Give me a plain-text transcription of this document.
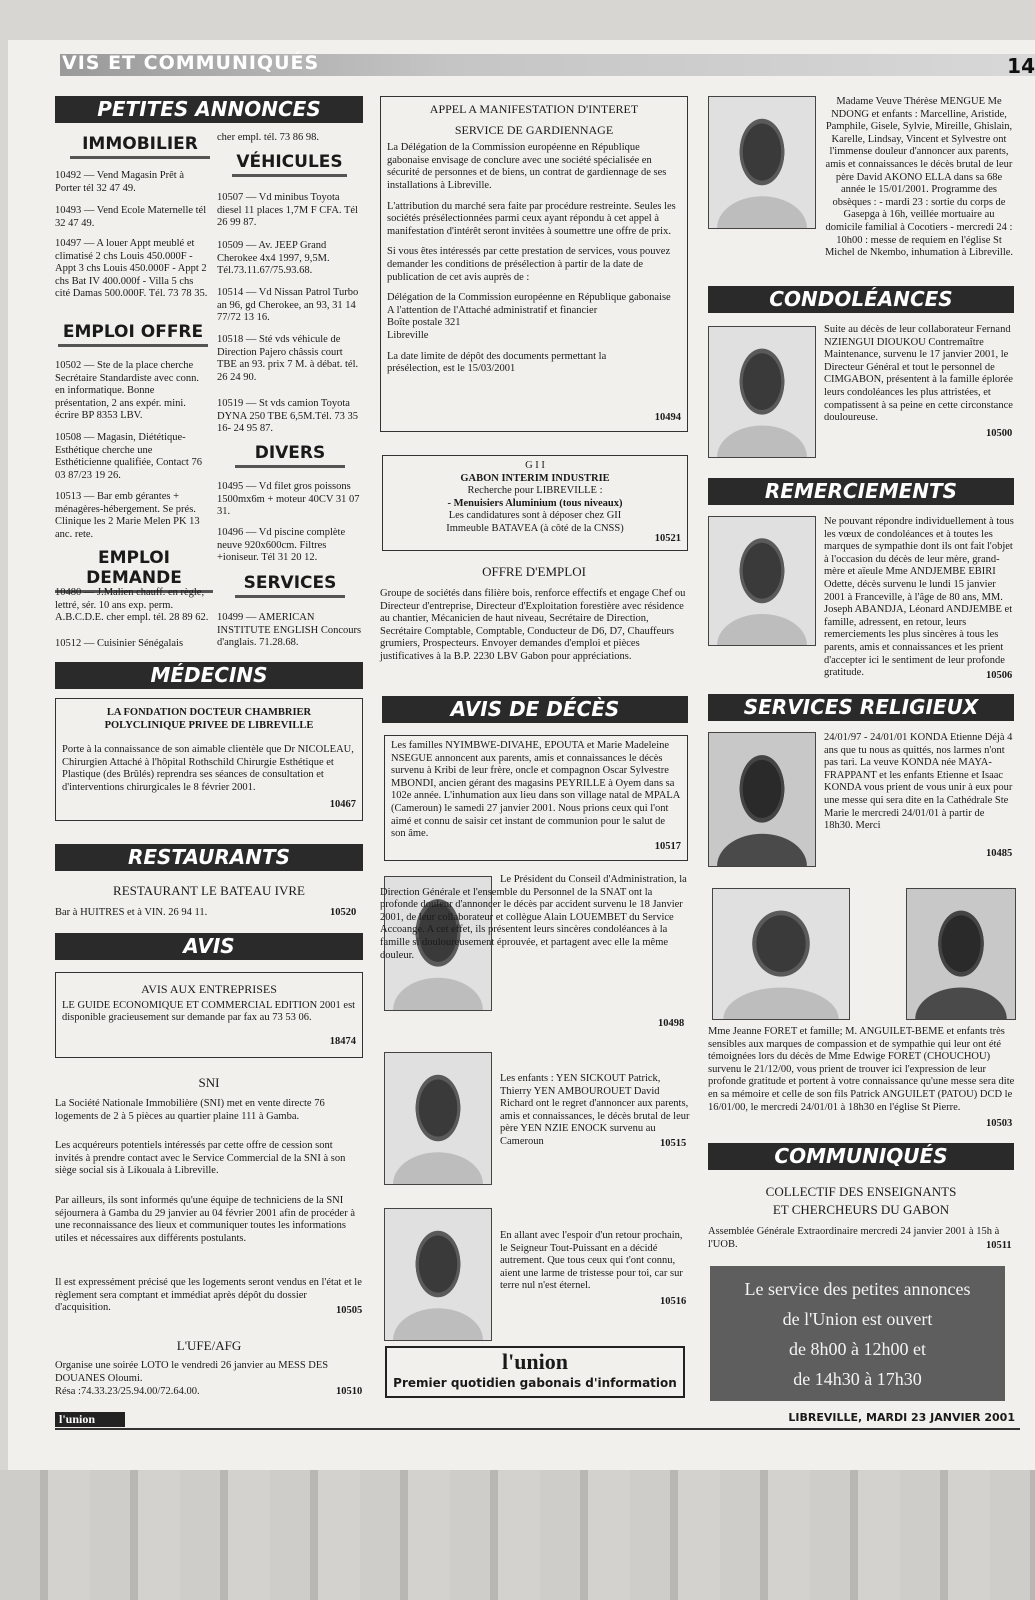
VIS ET COMMUNIQUÉS	14
PETITES ANNONCES
IMMOBILIER
10492 — Vend Magasin Prêt à Porter tél 32 47 49.
10493 — Vend Ecole Maternelle tél 32 47 49.
10497 — A louer Appt meublé et climatisé 2 chs Louis 450.000F - Appt 3 chs Louis 450.000F - Appt 2 chs Bat IV 400.000f - Villa 5 chs cité Damas 500.000F. Tél. 73 78 35.
EMPLOI OFFRE
10502 — Ste de la place cherche Secrétaire Standardiste avec conn. en informatique. Bonne présentation, 2 ans expér. mini. écrire BP 8353 LBV.
10508 — Magasin, Diététique-Esthétique cherche une Esthéticienne qualifiée, Contact 76 03 87/23 19 26.
10513 — Bar emb gérantes + ménagères-hébergement. Se prés. Clinique les 2 Marie Melen PK 13 anc. rete.
EMPLOI DEMANDE
10480 — J.Malien chauff. en règle, lettré, sér. 10 ans exp. perm. A.B.C.D.E. cher empl. tél. 28 89 62.
10512 — Cuisinier Sénégalais
cher empl. tél. 73 86 98.
VÉHICULES
10507 — Vd minibus Toyota diesel 11 places 1,7M F CFA. Tél 26 99 87.
10509 — Av. JEEP Grand Cherokee 4x4 1997, 9,5M. Tél.73.11.67/75.93.68.
10514 — Vd Nissan Patrol Turbo an 96, gd Cherokee, an 93, 31 14 77/72 13 16.
10518 — Sté vds véhicule de Direction Pajero châssis court TBE an 93. prix 7 M. à débat. tél. 26 24 90.
10519 — St vds camion Toyota DYNA 250 TBE 6,5M.Tél. 73 35 16- 24 95 87.
DIVERS
10495 — Vd filet gros poissons 1500mx6m + moteur 40CV 31 07 31.
10496 — Vd piscine complète neuve 920x600cm. Filtres +ioniseur. Tél 31 20 12.
SERVICES
10499 — AMERICAN INSTITUTE ENGLISH Concours d'anglais. 71.28.68.
MÉDECINS
LA FONDATION DOCTEUR CHAMBRIER
POLYCLINIQUE PRIVEE DE LIBREVILLE
Porte à la connaissance de son aimable clientèle que Dr NICOLEAU, Chirurgien Attaché à l'hôpital Rothschild Chirurgie Esthétique et Plastique (des Brûlés) reprendra ses séances de consultation et d'interventions chirurgicales le 8 février 2001.
10467
RESTAURANTS
RESTAURANT LE BATEAU IVRE
Bar à HUITRES et à VIN. 26 94 11.	10520
AVIS
AVIS AUX ENTREPRISES
LE GUIDE ECONOMIQUE ET COMMERCIAL EDITION 2001 est disponible gracieusement sur demande par fax au 73 53 06.
18474
SNI
La Société Nationale Immobilière (SNI) met en vente directe 76 logements de 2 à 5 pièces au quartier plaine 111 à Gamba.
Les acquéreurs potentiels intéressés par cette offre de cession sont invités à prendre contact avec le Service Commercial de la SNI à son siège social sis à Likouala à Libreville.
Par ailleurs, ils sont informés qu'une équipe de techniciens de la SNI séjournera à Gamba du 29 janvier au 04 février 2001 afin de procéder à une reconnaissance des lieux et communiquer toutes les informations utiles et nécessaires aux différents postulants.
Il est expressément précisé que les logements seront vendus en l'état et le règlement sera comptant et immédiat après dépôt du dossier d'acquisition.	10505
L'UFE/AFG
Organise une soirée LOTO le vendredi 26 janvier au MESS DES DOUANES Oloumi.
Résa :74.33.23/25.94.00/72.64.00.	10510
APPEL A MANIFESTATION D'INTERET
SERVICE DE GARDIENNAGE
La Délégation de la Commission européenne en République gabonaise envisage de conclure avec une société spécialisée en sécurité de personnes et de biens, un contrat de gardiennage de ses installations à Libreville.
L'attribution du marché sera faite par procédure restreinte. Seules les sociétés présélectionnées parmi ceux ayant répondu à cet appel à manifestation d'intérêt seront invitées à soumettre une offre de prix.
Si vous êtes intéressés par cette prestation de services, vous pouvez demander les conditions de présélection à partir de la date de publication de cet avis auprès de :
Délégation de la Commission européenne en République gabonaise
A l'attention de l'Attaché administratif et financier
Boîte postale 321
Libreville
La date limite de dépôt des documents permettant la présélection, est le 15/03/2001
10494
G I I
GABON INTERIM INDUSTRIE
Recherche pour LIBREVILLE :
- Menuisiers Aluminium (tous niveaux)
Les candidatures sont à déposer chez GII
Immeuble BATAVEA (à côté de la CNSS)
10521
OFFRE D'EMPLOI
Groupe de sociétés dans filière bois, renforce effectifs et engage Chef ou Directeur d'entreprise, Directeur d'Exploitation forestière avec résidence au chantier, Mécanicien de haut niveau, Secrétaire de Direction, Secrétaire Comptable, Comptable, Conducteur de D6, D7, Chauffeurs grumiers, Prospecteurs. Envoyer demandes d'emploi et pièces justificatives à la B.P. 2230 LBV Gabon pour appréciations.
AVIS DE DÉCÈS
Les familles NYIMBWE-DIVAHE, EPOUTA et Marie Madeleine NSEGUE annoncent aux parents, amis et connaissances le décès survenu à Kribi de leur frère, oncle et compagnon Oscar Sylvestre MBONDI, ancien gérant des magasins PEYRILLE à Oyem dans sa 102e année. L'inhumation aux lieu dans son village natal de MPALA (Cameroun) le samedi 27 janvier 2001. Nous prions ceux qui l'ont aimé et connu de saisir cet instant de communion pour le salut de son âme.
10517
Le Président du Conseil d'Administration, la Direction Générale et l'ensemble du Personnel de la SNAT ont la profonde douleur d'annoncer le décès par accident survenu le 18 Janvier 2001, de leur collaborateur et collègue Alain LOUEMBET du Service Accoange. A cet effet, ils présentent leurs sincères condoléances à la famille si douloureusement éprouvée, et partagent avec elle la même douleur.
10498
Les enfants : YEN SICKOUT Patrick, Thierry YEN AMBOUROUET David Richard ont le regret d'annoncer aux parents, amis et connaissances, le décès brutal de leur père YEN NZIE ENOCK survenu au Cameroun	10515
En allant avec l'espoir d'un retour prochain, le Seigneur Tout-Puissant en a décidé autrement. Que tous ceux qui t'ont connu, aient une larme de tristesse pour toi, car sur terre nul n'est éternel.
10516
l'union
Premier quotidien gabonais d'information
Madame Veuve Thérèse MENGUE Me NDONG et enfants : Marcelline, Aristide, Pamphile, Gisele, Sylvie, Mireille, Ghislain, Karelle, Lindsay, Vincent et Sylvestre ont l'immense douleur d'annoncer aux parents, amis et connaissances le décès brutal de leur père David AKONO ELLA dans sa 68e année le 15/01/2001. Programme des obsèques : - mardi 23 : sortie du corps de Gasepga à 16h, veillée mortuaire au domicile familial à Cocotiers - mercredi 24 : 10h00 : messe de requiem en l'église St Michel de Nkembo, inhumation à Libreville.
CONDOLÉANCES
Suite au décès de leur collaborateur Fernand NZIENGUI DIOUKOU Contremaître Maintenance, survenu le 17 janvier 2001, le Directeur Général et tout le personnel de CIMGABON, présentent à la famille éplorée leurs condoléances les plus attristées, et compatissent à sa peine en cette circonstance douloureuse.
10500
REMERCIEMENTS
Ne pouvant répondre individuellement à tous les vœux de condoléances et à toutes les marques de sympathie dont ils ont fait l'objet à l'occasion du décès de leur mère, grand-mère et aïeule Mme ANDJEMBE EBIRI Odette, décès survenu le lundi 15 janvier 2001 à Franceville, à l'âge de 80 ans, MM. Joseph ABANDJA, Léonard ANDJEMBE et famille, adressent, en retour, leurs remerciements les plus sincères à tous les parents, amis et connaissances et les prient d'accepter ici le sentiment de leur profonde gratitude.	10506
SERVICES RELIGIEUX
24/01/97 - 24/01/01 KONDA Etienne Déjà 4 ans que tu nous as quittés, nos larmes n'ont pas tari. La veuve KONDA née MAYA-FRAPPANT et les enfants Etienne et Isaac KONDA vous prient de vous unir à eux pour une messe qui sera dite en la Cathédrale Ste Marie le mercredi 24/01/01 à partir de 18h30. Merci
10485
Mme Jeanne FORET et famille; M. ANGUILET-BEME et enfants très sensibles aux marques de compassion et de sympathie qui leur ont été témoignées lors du décès de Mme Edwige FORET (CHOUCHOU) survenu le 21/12/00, vous prient de trouver ici l'expression de leur profonde gratitude et portent à votre connaissance qu'une messe sera dite en sa mémoire et celle de son fils Patrick ANGUILET (PATOU) DCD le 16/01/00, le mercredi 24/01/01 à 18h30 en l'église St Pierre.
10503
COMMUNIQUÉS
COLLECTIF DES ENSEIGNANTS
ET CHERCHEURS DU GABON
Assemblée Générale Extraordinaire mercredi 24 janvier 2001 à 15h à l'UOB.	10511
Le service des petites annonces
de l'Union est ouvert
de 8h00 à 12h00 et
de 14h30 à 17h30
l'union	LIBREVILLE, MARDI 23 JANVIER 2001
